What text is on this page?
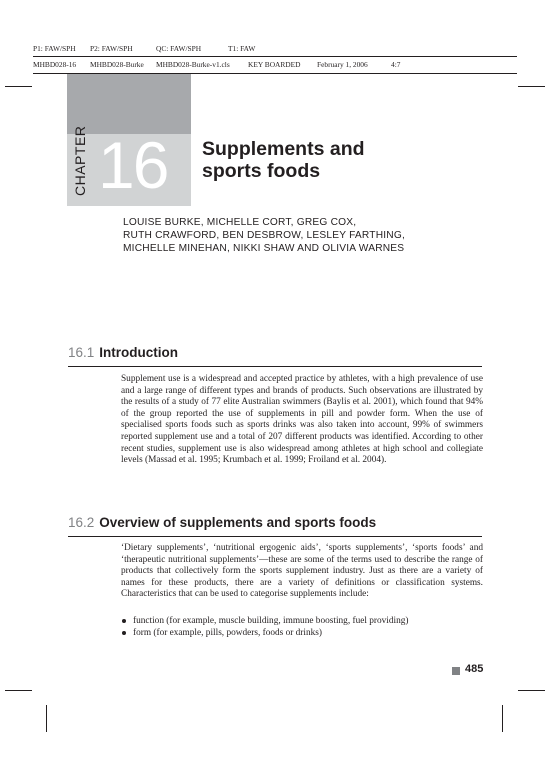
P1: FAW/SPH P2: FAW/SPH	QC: FAW/SPH	T1: FAW
MHBD028-16 MHBD028-Burke MHBD028-Burke-v1.cls KEY BOARDED February 1, 2006	4:7
CHAPTER 16 Supplements and
sports foods
LOUISE BURKE, MICHELLE CORT, GREG COX,
RUTH CRAWFORD, BEN DESBROW, LESLEY FARTHING,
MICHELLE MINEHAN, NIKKI SHAW AND OLIVIA WARNES
16.1 Introduction

Supplement use is a widespread and accepted practice by athletes, with a high prevalence of use and a large range of different types and brands of products. Such observations are illustrated by the results of a study of 77 elite Australian swimmers (Baylis et al. 2001), which found that 94% of the group reported the use of supplements in pill and powder form. When the use of specialised sports foods such as sports drinks was also taken into account, 99% of swimmers reported supplement use and a total of 207 different products was identified. According to other recent studies, supplement use is also widespread among athletes at high school and collegiate levels (Massad et al. 1995; Krumbach et al. 1999; Froiland et al. 2004).

16.2 Overview of supplements and sports foods

‘Dietary supplements’, ‘nutritional ergogenic aids’, ‘sports supplements’, ‘sports foods’ and ‘therapeutic nutritional supplements’—these are some of the terms used to describe the range of products that collectively form the sports supplement industry. Just as there are a variety of names for these products, there are a variety of definitions or classification systems. Characteristics that can be used to categorise supplements include:

function (for example, muscle building, immune boosting, fuel providing)
form (for example, pills, powders, foods or drinks)
485
